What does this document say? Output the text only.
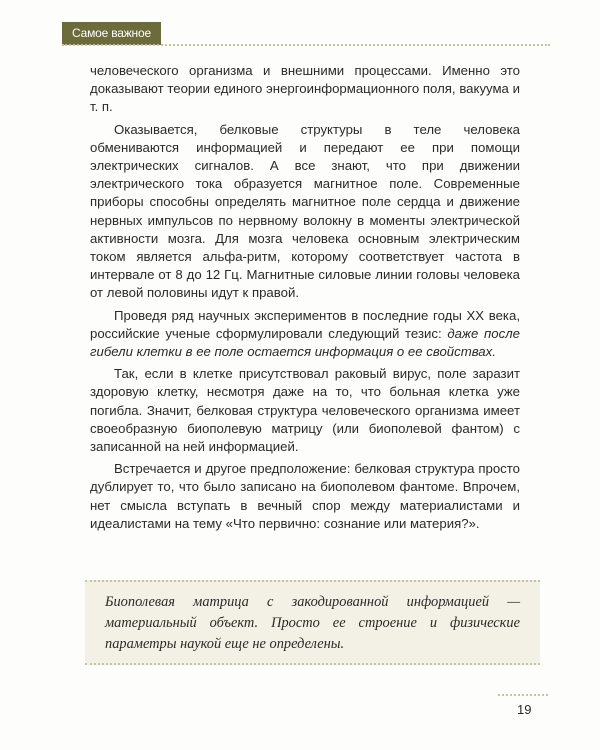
Самое важное

человеческого организма и внешними процессами. Именно это доказывают теории единого энергоинформационного поля, вакуума и т. п.

Оказывается, белковые структуры в теле человека обмениваются информацией и передают ее при помощи электрических сигналов. А все знают, что при движении электрического тока образуется магнитное поле. Современные приборы способны определять магнитное поле сердца и движение нервных импульсов по нервному волокну в моменты электрической активности мозга. Для мозга человека основным электрическим током является альфа-ритм, которому соответствует частота в интервале от 8 до 12 Гц. Магнитные силовые линии головы человека от левой половины идут к правой.

Проведя ряд научных экспериментов в последние годы XX века, российские ученые сформулировали следующий тезис: даже после гибели клетки в ее поле остается информация о ее свойствах.

Так, если в клетке присутствовал раковый вирус, поле заразит здоровую клетку, несмотря даже на то, что больная клетка уже погибла. Значит, белковая структура человеческого организма имеет своеобразную биополевую матрицу (или биополевой фантом) с записанной на ней информацией.

Встречается и другое предположение: белковая структура просто дублирует то, что было записано на биополевом фантоме. Впрочем, нет смысла вступать в вечный спор между материалистами и идеалистами на тему «Что первично: сознание или материя?».

Биополевая матрица с закодированной информацией — материальный объект. Просто ее строение и физические параметры наукой еще не определены.

19
